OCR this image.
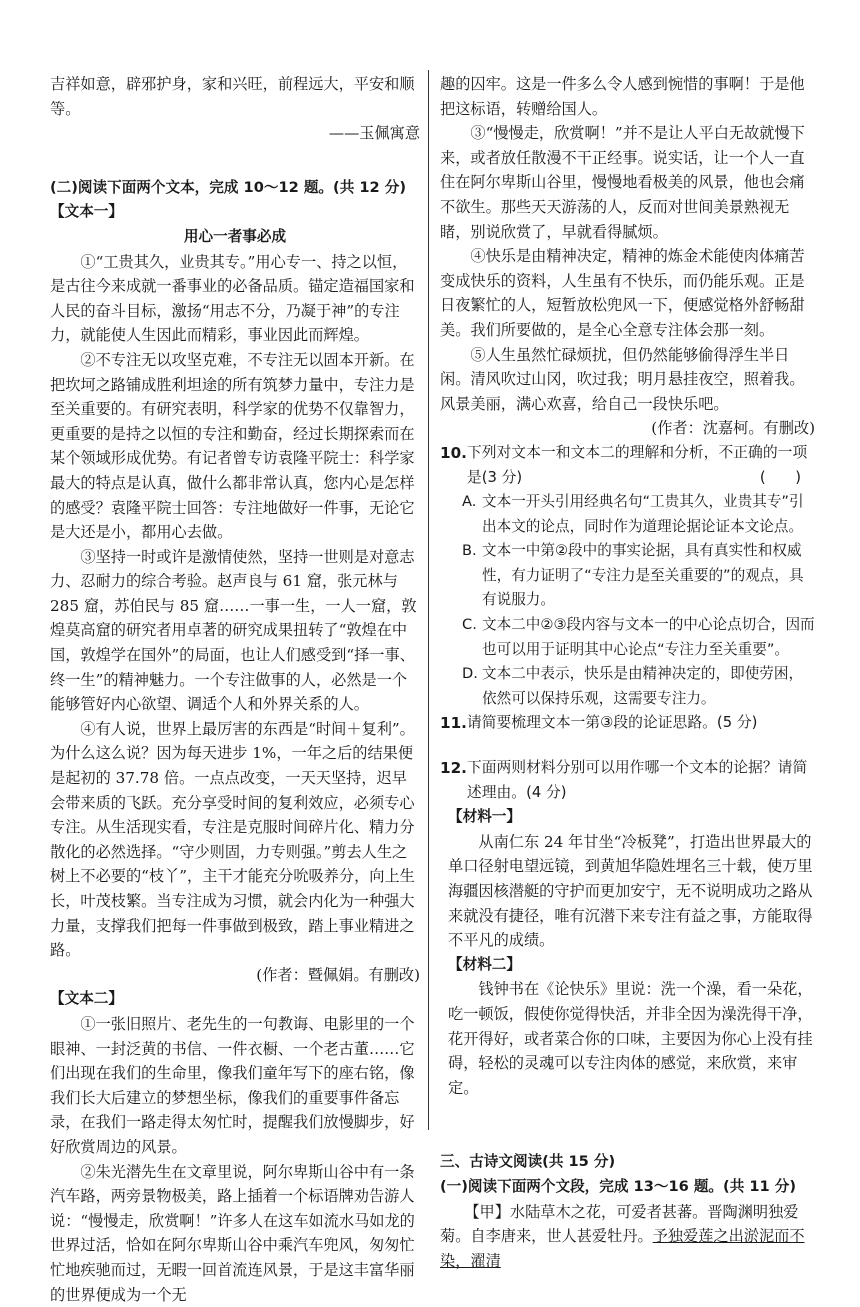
吉祥如意，辟邪护身，家和兴旺，前程远大，平安和顺等。

——玉佩寓意

(二)阅读下面两个文本，完成 10～12 题。(共 12 分)

【文本一】

用心一者事必成

①“工贵其久，业贵其专。”用心专一、持之以恒，是古往今来成就一番事业的必备品质。锚定造福国家和人民的奋斗目标，激扬“用志不分，乃凝于神”的专注力，就能使人生因此而精彩，事业因此而辉煌。

②不专注无以攻坚克难，不专注无以固本开新。在把坎坷之路铺成胜利坦途的所有筑梦力量中，专注力是至关重要的。有研究表明，科学家的优势不仅靠智力，更重要的是持之以恒的专注和勤奋，经过长期探索而在某个领域形成优势。有记者曾专访袁隆平院士：科学家最大的特点是认真，做什么都非常认真，您内心是怎样的感受？袁隆平院士回答：专注地做好一件事，无论它是大还是小，都用心去做。

③坚持一时或许是激情使然，坚持一世则是对意志力、忍耐力的综合考验。赵声良与 61 窟，张元林与 285 窟，苏伯民与 85 窟……一事一生，一人一窟，敦煌莫高窟的研究者用卓著的研究成果扭转了“敦煌在中国，敦煌学在国外”的局面，也让人们感受到“择一事、终一生”的精神魅力。一个专注做事的人，必然是一个能够管好内心欲望、调适个人和外界关系的人。

④有人说，世界上最厉害的东西是“时间＋复利”。为什么这么说？因为每天进步 1%，一年之后的结果便是起初的 37.78 倍。一点点改变，一天天坚持，迟早会带来质的飞跃。充分享受时间的复利效应，必须专心专注。从生活现实看，专注是克服时间碎片化、精力分散化的必然选择。“守少则固，力专则强。”剪去人生之树上不必要的“枝丫”，主干才能充分吮吸养分，向上生长，叶茂枝繁。当专注成为习惯，就会内化为一种强大力量，支撑我们把每一件事做到极致，踏上事业精进之路。

(作者：暨佩娟。有删改)

【文本二】

①一张旧照片、老先生的一句教诲、电影里的一个眼神、一封泛黄的书信、一件衣橱、一个老古董……它们出现在我们的生命里，像我们童年写下的座右铭，像我们长大后建立的梦想坐标，像我们的重要事件备忘录，在我们一路走得太匆忙时，提醒我们放慢脚步，好好欣赏周边的风景。

②朱光潜先生在文章里说，阿尔卑斯山谷中有一条汽车路，两旁景物极美，路上插着一个标语牌劝告游人说：“慢慢走，欣赏啊！”许多人在这车如流水马如龙的世界过活，恰如在阿尔卑斯山谷中乘汽车兜风，匆匆忙忙地疾驰而过，无暇一回首流连风景，于是这丰富华丽的世界便成为一个无

趣的囚牢。这是一件多么令人感到惋惜的事啊！于是他把这标语，转赠给国人。

③“慢慢走，欣赏啊！”并不是让人平白无故就慢下来，或者放任散漫不干正经事。说实话，让一个人一直住在阿尔卑斯山谷里，慢慢地看极美的风景，他也会痛不欲生。那些天天游荡的人，反而对世间美景熟视无睹，别说欣赏了，早就看得腻烦。

④快乐是由精神决定，精神的炼金术能使肉体痛苦变成快乐的资料，人生虽有不快乐，而仍能乐观。正是日夜繁忙的人，短暂放松兜风一下，便感觉格外舒畅甜美。我们所要做的，是全心全意专注体会那一刻。

⑤人生虽然忙碌烦扰，但仍然能够偷得浮生半日闲。清风吹过山冈，吹过我；明月悬挂夜空，照着我。风景美丽，满心欢喜，给自己一段快乐吧。

(作者：沈嘉柯。有删改)

10. 下列对文本一和文本二的理解和分析，不正确的一项是(3 分)	(　　)
A. 文本一开头引用经典名句“工贵其久，业贵其专”引出本文的论点，同时作为道理论据论证本文论点。
B. 文本一中第②段中的事实论据，具有真实性和权威性，有力证明了“专注力是至关重要的”的观点，具有说服力。
C. 文本二中②③段内容与文本一的中心论点切合，因而也可以用于证明其中心论点“专注力至关重要”。
D. 文本二中表示，快乐是由精神决定的，即使劳困，依然可以保持乐观，这需要专注力。
11. 请简要梳理文本一第③段的论证思路。(5 分)
12. 下面两则材料分别可以用作哪一个文本的论据？请简述理由。(4 分)

【材料一】

从南仁东 24 年甘坐“冷板凳”，打造出世界最大的单口径射电望远镜，到黄旭华隐姓埋名三十载，使万里海疆因核潜艇的守护而更加安宁，无不说明成功之路从来就没有捷径，唯有沉潜下来专注有益之事，方能取得不平凡的成绩。

【材料二】

钱钟书在《论快乐》里说：洗一个澡，看一朵花，吃一顿饭，假使你觉得快活，并非全因为澡洗得干净，花开得好，或者菜合你的口味，主要因为你心上没有挂碍，轻松的灵魂可以专注肉体的感觉，来欣赏，来审定。

三、古诗文阅读(共 15 分)

(一)阅读下面两个文段，完成 13～16 题。(共 11 分)

【甲】水陆草木之花，可爱者甚蕃。晋陶渊明独爱菊。自李唐来，世人甚爱牡丹。予独爱莲之出淤泥而不染，濯清
